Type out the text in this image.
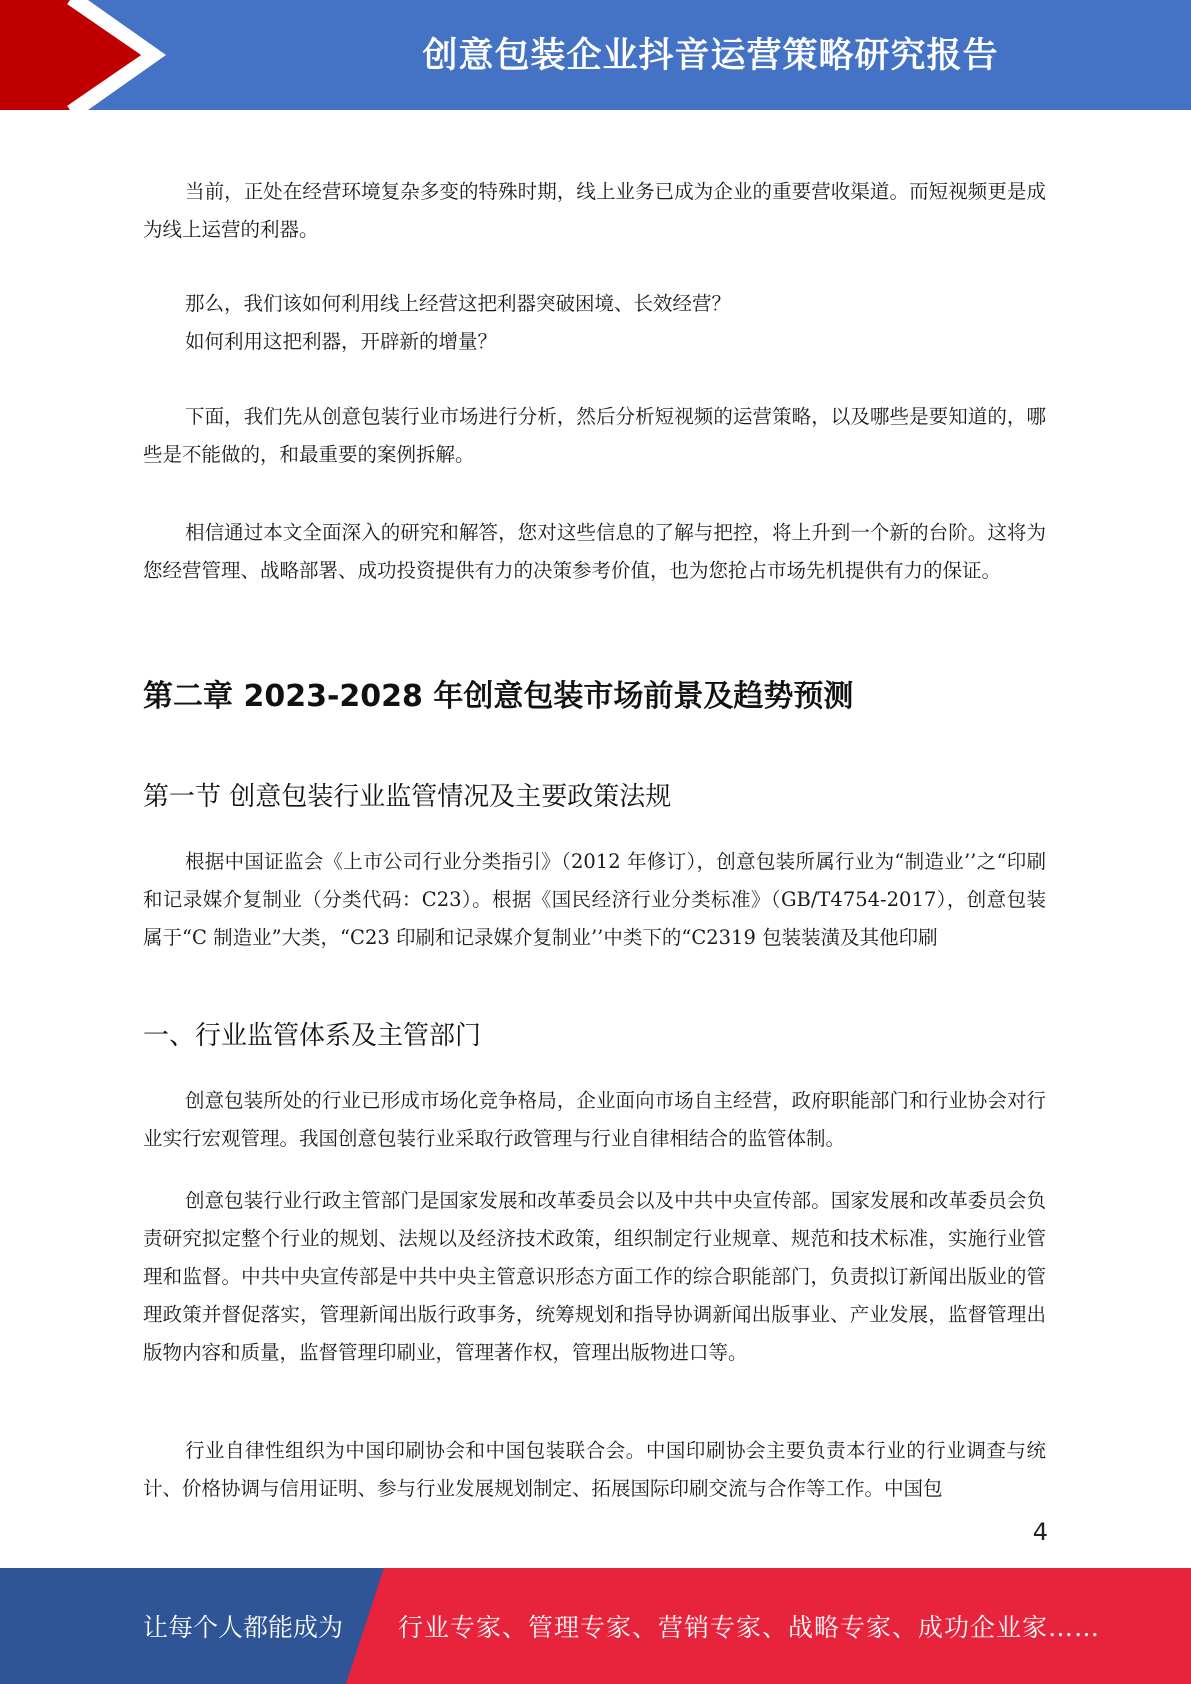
创意包装企业抖音运营策略研究报告
当前，正处在经营环境复杂多变的特殊时期，线上业务已成为企业的重要营收渠道。而短视频更是成为线上运营的利器。
那么，我们该如何利用线上经营这把利器突破困境、长效经营？
如何利用这把利器，开辟新的增量？
下面，我们先从创意包装行业市场进行分析，然后分析短视频的运营策略，以及哪些是要知道的，哪些是不能做的，和最重要的案例拆解。
相信通过本文全面深入的研究和解答，您对这些信息的了解与把控，将上升到一个新的台阶。这将为您经营管理、战略部署、成功投资提供有力的决策参考价值，也为您抢占市场先机提供有力的保证。
第二章 2023-2028 年创意包装市场前景及趋势预测
第一节 创意包装行业监管情况及主要政策法规
根据中国证监会《上市公司行业分类指引》（2012 年修订），创意包装所属行业为“制造业’’之“印刷和记录媒介复制业（分类代码：C23）。根据《国民经济行业分类标准》（GB/T4754-2017），创意包装属于“C 制造业”大类，“C23 印刷和记录媒介复制业’’中类下的“C2319 包装装潢及其他印刷
一、行业监管体系及主管部门
创意包装所处的行业已形成市场化竞争格局，企业面向市场自主经营，政府职能部门和行业协会对行业实行宏观管理。我国创意包装行业采取行政管理与行业自律相结合的监管体制。
创意包装行业行政主管部门是国家发展和改革委员会以及中共中央宣传部。国家发展和改革委员会负责研究拟定整个行业的规划、法规以及经济技术政策，组织制定行业规章、规范和技术标准，实施行业管理和监督。中共中央宣传部是中共中央主管意识形态方面工作的综合职能部门，负责拟订新闻出版业的管理政策并督促落实，管理新闻出版行政事务，统筹规划和指导协调新闻出版事业、产业发展，监督管理出版物内容和质量，监督管理印刷业，管理著作权，管理出版物进口等。
行业自律性组织为中国印刷协会和中国包装联合会。中国印刷协会主要负责本行业的行业调查与统计、价格协调与信用证明、参与行业发展规划制定、拓展国际印刷交流与合作等工作。中国包
4
让每个人都能成为 行业专家、管理专家、营销专家、战略专家、成功企业家……
